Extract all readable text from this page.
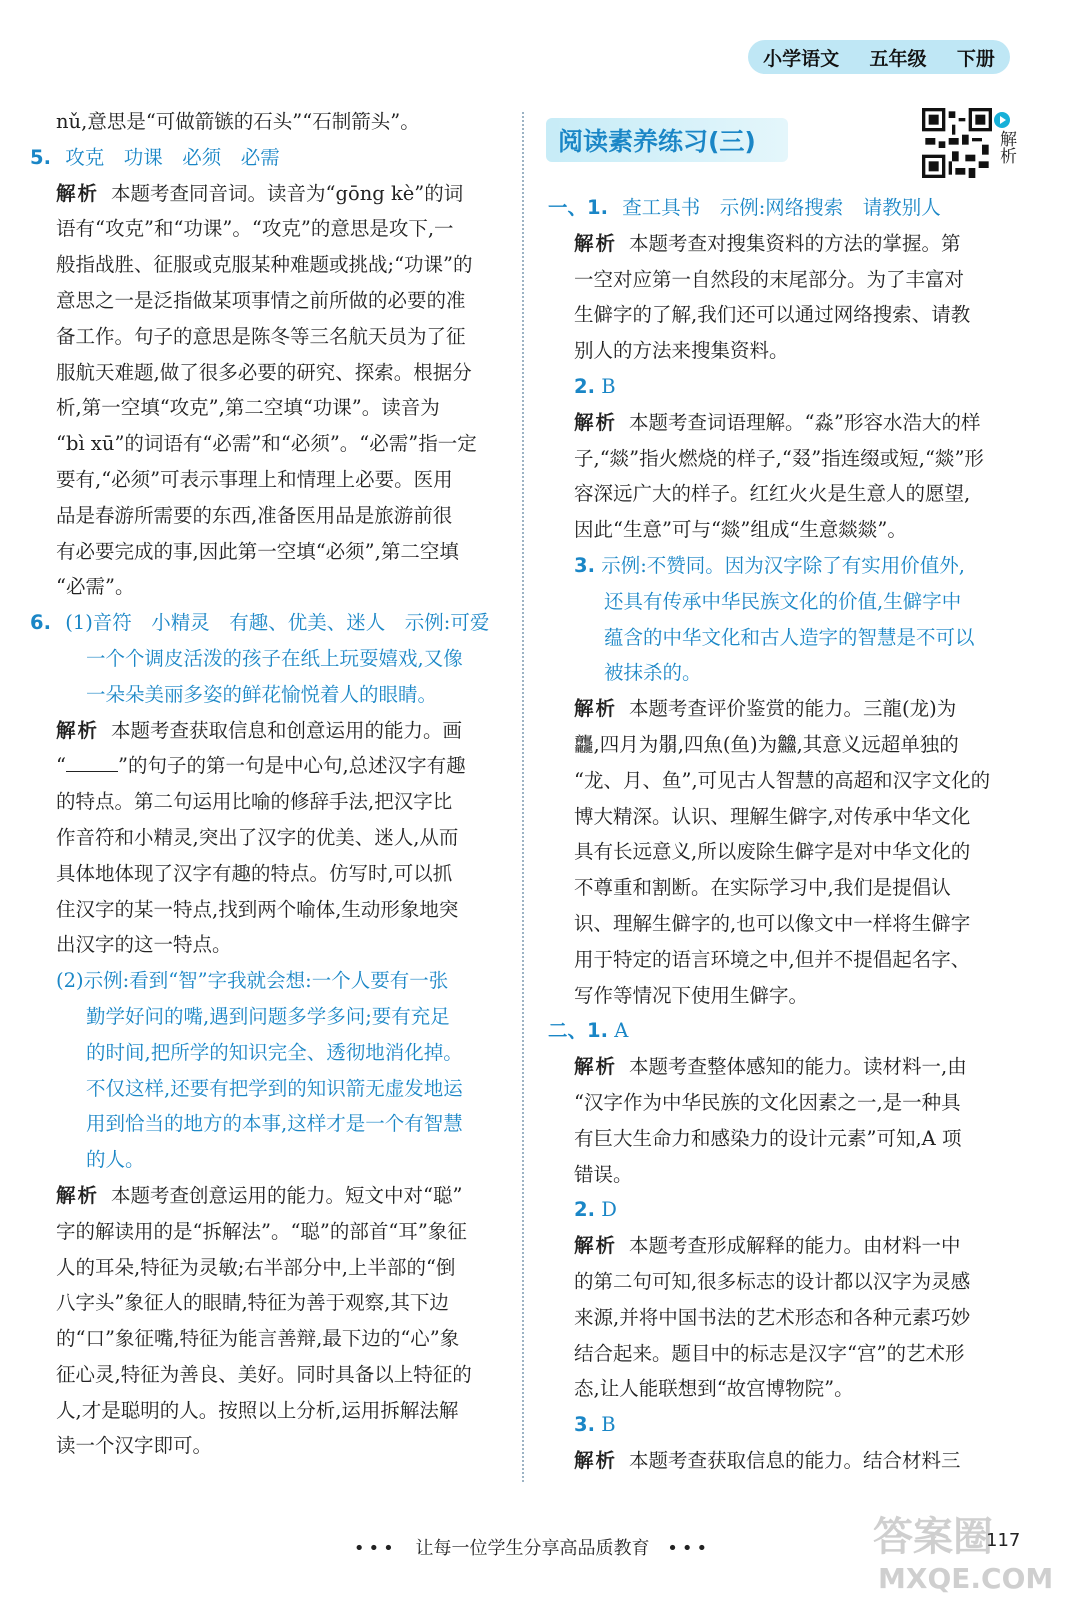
小学语文 五年级 下册

nǔ,意思是“可做箭镞的石头”“石制箭头”。

5. 攻克　功课　必须　必需

解析 本题考查同音词。读音为“gōng kè”的词

语有“攻克”和“功课”。“攻克”的意思是攻下,一

般指战胜、征服或克服某种难题或挑战;“功课”的

意思之一是泛指做某项事情之前所做的必要的准

备工作。句子的意思是陈冬等三名航天员为了征

服航天难题,做了很多必要的研究、探索。根据分

析,第一空填“攻克”,第二空填“功课”。读音为

“bì xū”的词语有“必需”和“必须”。“必需”指一定

要有,“必须”可表示事理上和情理上必要。医用

品是春游所需要的东西,准备医用品是旅游前很

有必要完成的事,因此第一空填“必须”,第二空填

“必需”。

6. (1)音符　小精灵　有趣、优美、迷人　示例:可爱

一个个调皮活泼的孩子在纸上玩耍嬉戏,又像

一朵朵美丽多姿的鲜花愉悦着人的眼睛。

解析 本题考查获取信息和创意运用的能力。画

“	”的句子的第一句是中心句,总述汉字有趣

的特点。第二句运用比喻的修辞手法,把汉字比

作音符和小精灵,突出了汉字的优美、迷人,从而

具体地体现了汉字有趣的特点。仿写时,可以抓

住汉字的某一特点,找到两个喻体,生动形象地突

出汉字的这一特点。

(2)示例:看到“智”字我就会想:一个人要有一张

勤学好问的嘴,遇到问题多学多问;要有充足

的时间,把所学的知识完全、透彻地消化掉。

不仅这样,还要有把学到的知识箭无虚发地运

用到恰当的地方的本事,这样才是一个有智慧

的人。

解析 本题考查创意运用的能力。短文中对“聪”

字的解读用的是“拆解法”。“聪”的部首“耳”象征

人的耳朵,特征为灵敏;右半部分中,上半部的“倒

八字头”象征人的眼睛,特征为善于观察,其下边

的“口”象征嘴,特征为能言善辩,最下边的“心”象

征心灵,特征为善良、美好。同时具备以上特征的

人,才是聪明的人。按照以上分析,运用拆解法解

读一个汉字即可。

阅读素养练习(三)	解析

一、1. 查工具书　示例:网络搜索　请教别人

解析 本题考查对搜集资料的方法的掌握。第

一空对应第一自然段的末尾部分。为了丰富对

生僻字的了解,我们还可以通过网络搜索、请教

别人的方法来搜集资料。

2. B

解析 本题考查词语理解。“淼”形容水浩大的样

子,“燚”指火燃烧的样子,“叕”指连缀或短,“燚”形

容深远广大的样子。红红火火是生意人的愿望,

因此“生意”可与“燚”组成“生意燚燚”。

3. 示例:不赞同。因为汉字除了有实用价值外,

还具有传承中华民族文化的价值,生僻字中

蕴含的中华文化和古人造字的智慧是不可以

被抹杀的。

解析 本题考查评价鉴赏的能力。三龍(龙)为

龘,四月为朤,四魚(鱼)为䲜,其意义远超单独的

“龙、月、鱼”,可见古人智慧的高超和汉字文化的

博大精深。认识、理解生僻字,对传承中华文化

具有长远意义,所以废除生僻字是对中华文化的

不尊重和割断。在实际学习中,我们是提倡认

识、理解生僻字的,也可以像文中一样将生僻字

用于特定的语言环境之中,但并不提倡起名字、

写作等情况下使用生僻字。

二、1. A

解析 本题考查整体感知的能力。读材料一,由

“汉字作为中华民族的文化因素之一,是一种具

有巨大生命力和感染力的设计元素”可知,A 项

错误。

2. D

解析 本题考查形成解释的能力。由材料一中

的第二句可知,很多标志的设计都以汉字为灵感

来源,并将中国书法的艺术形态和各种元素巧妙

结合起来。题目中的标志是汉字“宫”的艺术形

态,让人能联想到“故宫博物院”。

3. B

解析 本题考查获取信息的能力。结合材料三

••• 让每一位学生分享高品质教育 •••	117
答案圈
MXQE.COM
